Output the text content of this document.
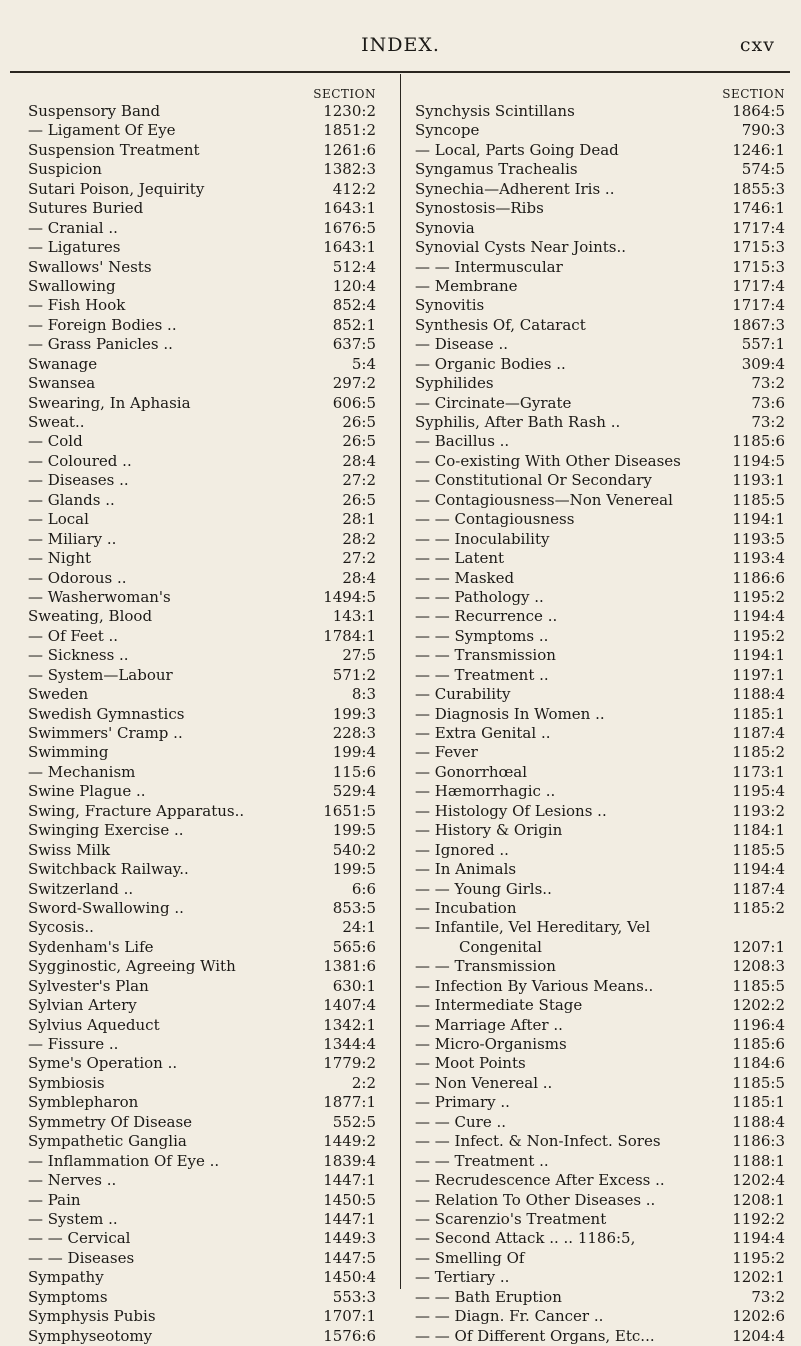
INDEX.	cxv
SECTION
Suspensory Band	1230:2
— Ligament Of Eye	1851:2
Suspension Treatment	1261:6
Suspicion	1382:3
Sutari Poison, Jequirity	412:2
Sutures Buried	1643:1
— Cranial ..	1676:5
— Ligatures	1643:1
Swallows' Nests	512:4
Swallowing	120:4
— Fish Hook	852:4
— Foreign Bodies ..	852:1
— Grass Panicles ..	637:5
Swanage	5:4
Swansea	297:2
Swearing, In Aphasia	606:5
Sweat..	26:5
— Cold	26:5
— Coloured ..	28:4
— Diseases ..	27:2
— Glands ..	26:5
— Local	28:1
— Miliary ..	28:2
— Night	27:2
— Odorous ..	28:4
— Washerwoman's	1494:5
Sweating, Blood	143:1
— Of Feet ..	1784:1
— Sickness ..	27:5
— System—Labour	571:2
Sweden	8:3
Swedish Gymnastics	199:3
Swimmers' Cramp ..	228:3
Swimming	199:4
— Mechanism	115:6
Swine Plague ..	529:4
Swing, Fracture Apparatus..	1651:5
Swinging Exercise ..	199:5
Swiss Milk	540:2
Switchback Railway..	199:5
Switzerland ..	6:6
Sword-Swallowing ..	853:5
Sycosis..	24:1
Sydenham's Life	565:6
Sygginostic, Agreeing With	1381:6
Sylvester's Plan	630:1
Sylvian Artery	1407:4
Sylvius Aqueduct	1342:1
— Fissure ..	1344:4
Syme's Operation ..	1779:2
Symbiosis	2:2
Symblepharon	1877:1
Symmetry Of Disease	552:5
Sympathetic Ganglia	1449:2
— Inflammation Of Eye ..	1839:4
— Nerves ..	1447:1
— Pain	1450:5
— System ..	1447:1
— — Cervical	1449:3
— — Diseases	1447:5
Sympathy	1450:4
Symptoms	553:3
Symphysis Pubis	1707:1
Symphyseotomy	1576:6
SECTION
Synchysis Scintillans	1864:5
Syncope	790:3
— Local, Parts Going Dead	1246:1
Syngamus Trachealis	574:5
Synechia—Adherent Iris ..	1855:3
Synostosis—Ribs	1746:1
Synovia	1717:4
Synovial Cysts Near Joints..	1715:3
— — Intermuscular	1715:3
— Membrane	1717:4
Synovitis	1717:4
Synthesis Of, Cataract	1867:3
— Disease ..	557:1
— Organic Bodies ..	309:4
Syphilides	73:2
— Circinate—Gyrate	73:6
Syphilis, After Bath Rash ..	73:2
— Bacillus ..	1185:6
— Co-existing With Other Diseases	1194:5
— Constitutional Or Secondary	1193:1
— Contagiousness—Non Venereal	1185:5
— — Contagiousness	1194:1
— — Inoculability	1193:5
— — Latent	1193:4
— — Masked	1186:6
— — Pathology ..	1195:2
— — Recurrence ..	1194:4
— — Symptoms ..	1195:2
— — Transmission	1194:1
— — Treatment ..	1197:1
— Curability	1188:4
— Diagnosis In Women ..	1185:1
— Extra Genital ..	1187:4
— Fever	1185:2
— Gonorrhœal	1173:1
— Hæmorrhagic ..	1195:4
— Histology Of Lesions ..	1193:2
— History & Origin	1184:1
— Ignored ..	1185:5
— In Animals	1194:4
— — Young Girls..	1187:4
— Incubation	1185:2
— Infantile, Vel Hereditary, Vel
Congenital	1207:1
— — Transmission	1208:3
— Infection By Various Means..	1185:5
— Intermediate Stage	1202:2
— Marriage After ..	1196:4
— Micro-Organisms	1185:6
— Moot Points	1184:6
— Non Venereal ..	1185:5
— Primary ..	1185:1
— — Cure ..	1188:4
— — Infect. & Non-Infect. Sores	1186:3
— — Treatment ..	1188:1
— Recrudescence After Excess ..	1202:4
— Relation To Other Diseases ..	1208:1
— Scarenzio's Treatment	1192:2
— Second Attack .. .. 1186:5,	1194:4
— Smelling Of	1195:2
— Tertiary ..	1202:1
— — Bath Eruption	73:2
— — Diagn. Fr. Cancer ..	1202:6
— — Of Different Organs, Etc...	1204:4
